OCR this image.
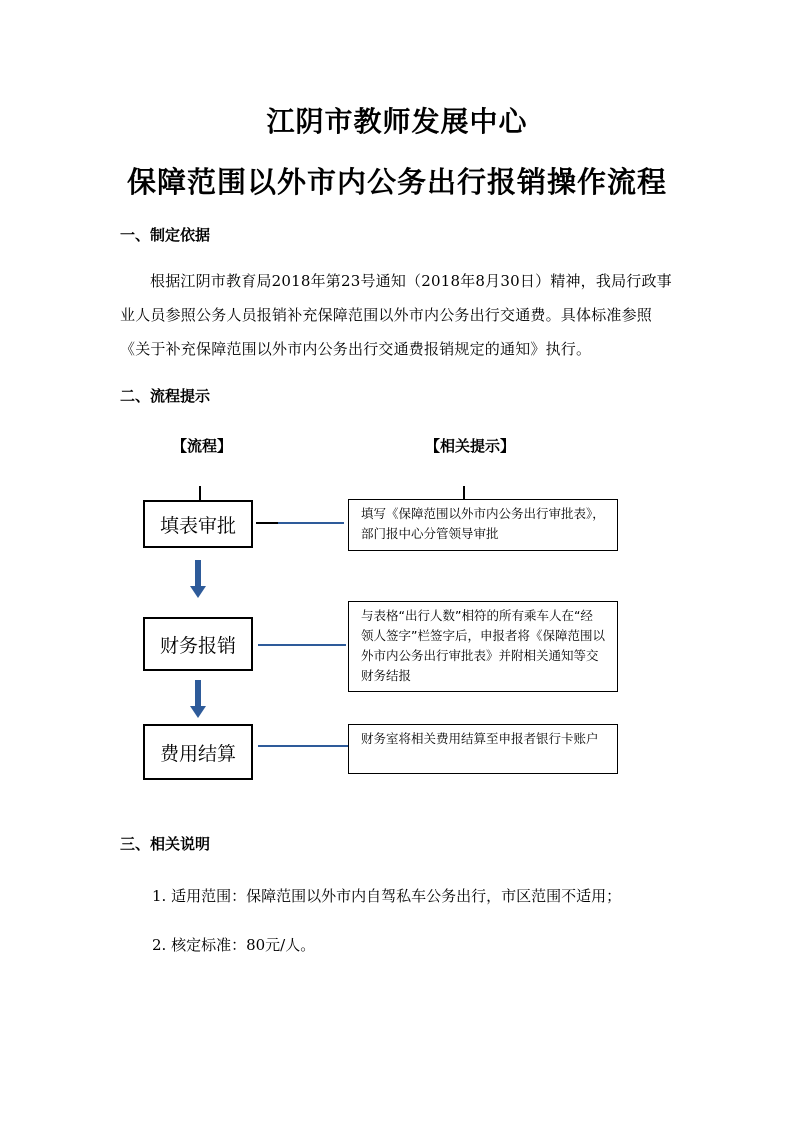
江阴市教师发展中心
保障范围以外市内公务出行报销操作流程
一、制定依据
根据江阴市教育局2018年第23号通知（2018年8月30日）精神，我局行政事业人员参照公务人员报销补充保障范围以外市内公务出行交通费。具体标准参照《关于补充保障范围以外市内公务出行交通费报销规定的通知》执行。
二、流程提示
【流程】	【相关提示】
填表审批
财务报销
费用结算
填写《保障范围以外市内公务出行审批表》，部门报中心分管领导审批
与表格“出行人数”相符的所有乘车人在“经领人签字”栏签字后，申报者将《保障范围以外市内公务出行审批表》并附相关通知等交财务结报
财务室将相关费用结算至申报者银行卡账户
三、相关说明
1. 适用范围：保障范围以外市内自驾私车公务出行，市区范围不适用；
2. 核定标准：80元/人。
